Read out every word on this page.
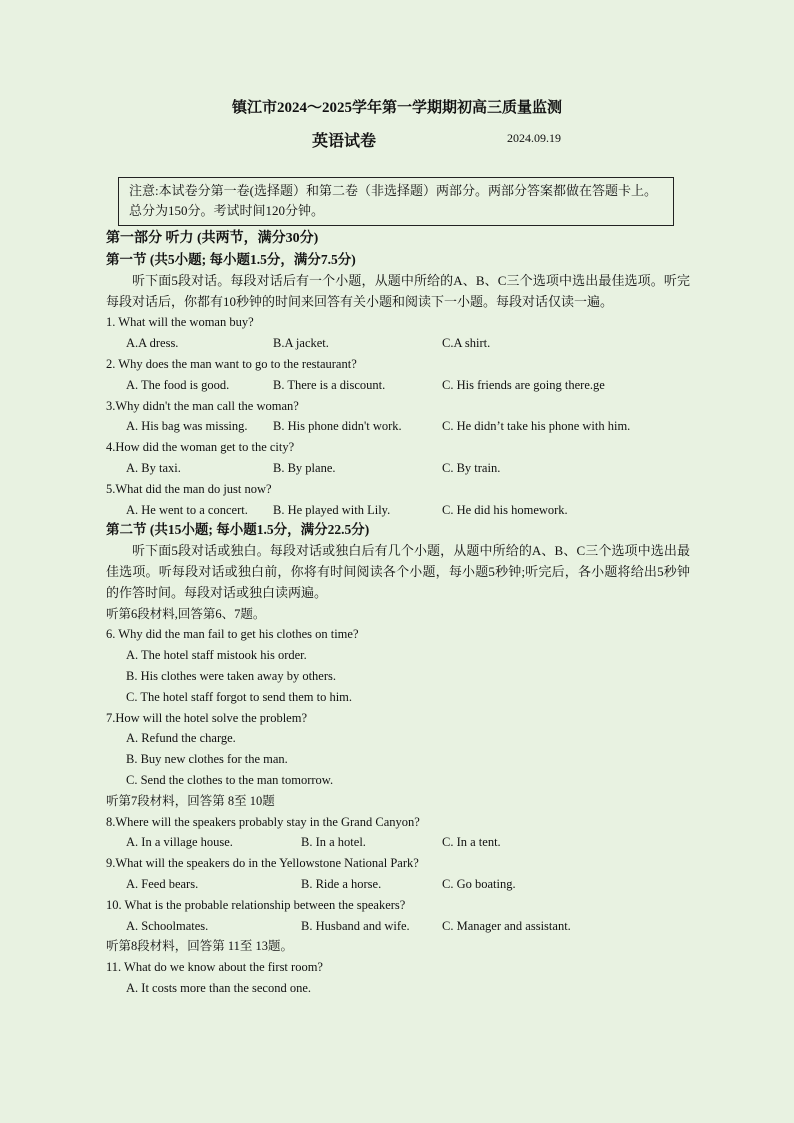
镇江市2024～2025学年第一学期期初高三质量监测
英语试卷	2024.09.19
注意:本试卷分第一卷(选择题）和第二卷（非选择题）两部分。两部分答案都做在答题卡上。总分为150分。考试时间120分钟。
第一部分 听力 (共两节，满分30分)
第一节 (共5小题; 每小题1.5分，满分7.5分)
听下面5段对话。每段对话后有一个小题，从题中所给的A、B、C三个选项中选出最佳选项。听完每段对话后，你都有10秒钟的时间来回答有关小题和阅读下一小题。每段对话仅读一遍。
1. What will the woman buy?
A.A dress.	B.A jacket.	C.A shirt.
2. Why does the man want to go to the restaurant?
A. The food is good.	B. There is a discount.	C. His friends are going there.ge
3.Why didn't the man call the woman?
A. His bag was missing. B. His phone didn't work.	C. He didn’t take his phone with him.
4.How did the woman get to the city?
A. By taxi.	B. By plane.	C. By train.
5.What did the man do just now?
A. He went to a concert. B. He played with Lily.	C. He did his homework.
第二节 (共15小题; 每小题1.5分，满分22.5分)
听下面5段对话或独白。每段对话或独白后有几个小题，从题中所给的A、B、C三个选项中选出最佳选项。听每段对话或独白前，你将有时间阅读各个小题，每小题5秒钟;听完后，各小题将给出5秒钟的作答时间。每段对话或独白读两遍。
听第6段材料,回答第6、7题。
6. Why did the man fail to get his clothes on time?
A. The hotel staff mistook his order.
B. His clothes were taken away by others.
C. The hotel staff forgot to send them to him.
7.How will the hotel solve the problem?
A. Refund the charge.
B. Buy new clothes for the man.
C. Send the clothes to the man tomorrow.
听第7段材料，回答第 8至 10题
8.Where will the speakers probably stay in the Grand Canyon?
A. In a village house.	B. In a hotel.	C. In a tent.
9.What will the speakers do in the Yellowstone National Park?
A. Feed bears.	B. Ride a horse.	C. Go boating.
10. What is the probable relationship between the speakers?
A. Schoolmates.	B. Husband and wife.	C. Manager and assistant.
听第8段材料，回答第 11至 13题。
11. What do we know about the first room?
A. It costs more than the second one.
